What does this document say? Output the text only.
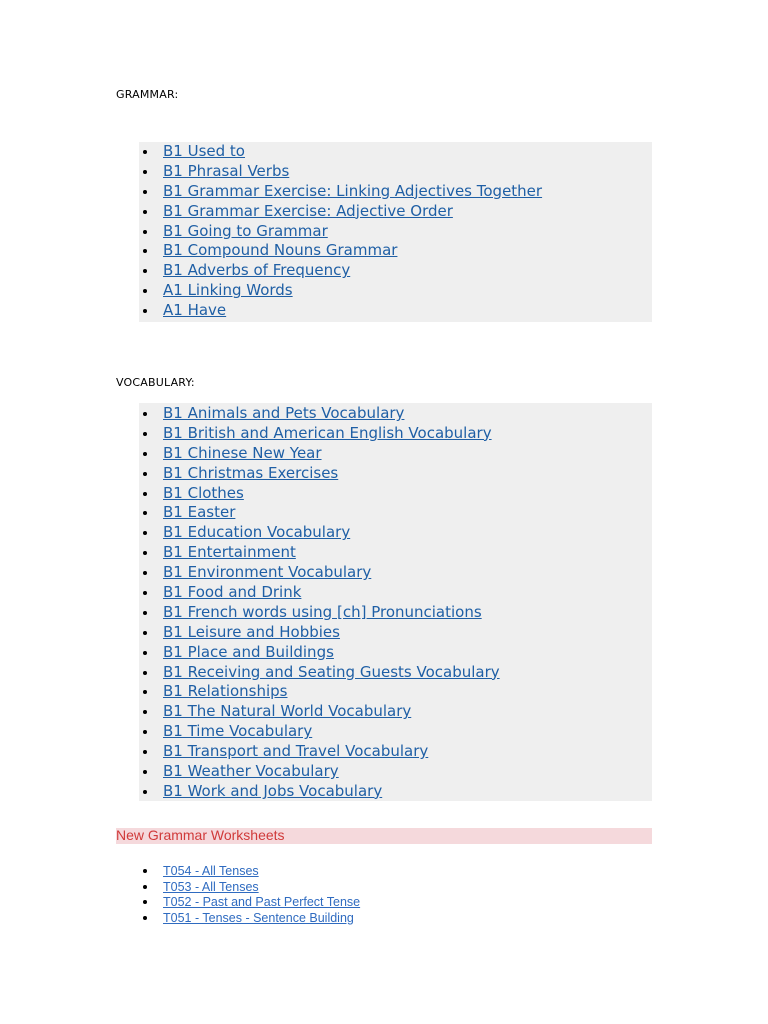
GRAMMAR:
B1 Used to
B1 Phrasal Verbs
B1 Grammar Exercise: Linking Adjectives Together
B1 Grammar Exercise: Adjective Order
B1 Going to Grammar
B1 Compound Nouns Grammar
B1 Adverbs of Frequency
A1 Linking Words
A1 Have
VOCABULARY:
B1 Animals and Pets Vocabulary
B1 British and American English Vocabulary
B1 Chinese New Year
B1 Christmas Exercises
B1 Clothes
B1 Easter
B1 Education Vocabulary
B1 Entertainment
B1 Environment Vocabulary
B1 Food and Drink
B1 French words using [ch] Pronunciations
B1 Leisure and Hobbies
B1 Place and Buildings
B1 Receiving and Seating Guests Vocabulary
B1 Relationships
B1 The Natural World Vocabulary
B1 Time Vocabulary
B1 Transport and Travel Vocabulary
B1 Weather Vocabulary
B1 Work and Jobs Vocabulary
New Grammar Worksheets
T054 - All Tenses
T053 - All Tenses
T052 - Past and Past Perfect Tense
T051 - Tenses - Sentence Building
